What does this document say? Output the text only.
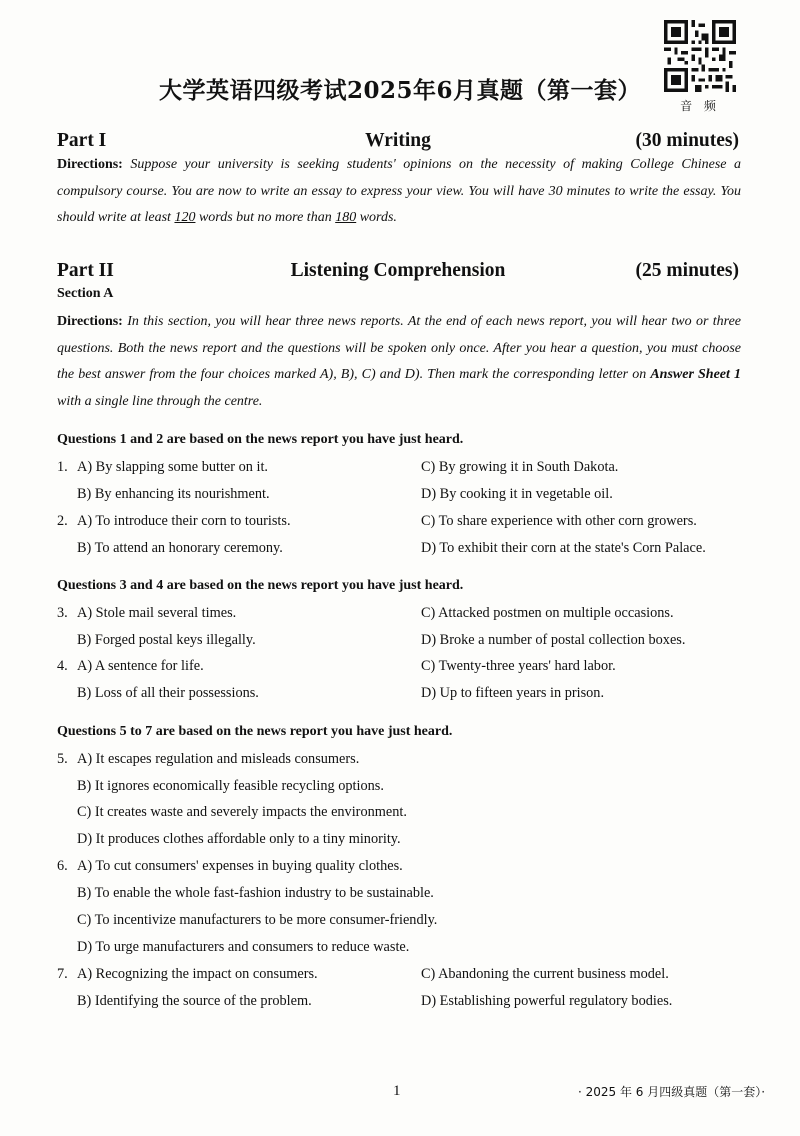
大学英语四级考试2025年6月真题（第一套）
音 频
Part I	Writing	(30 minutes)
Directions: Suppose your university is seeking students' opinions on the necessity of making College Chinese a compulsory course. You are now to write an essay to express your view. You will have 30 minutes to write the essay. You should write at least 120 words but no more than 180 words.
Part II	Listening Comprehension	(25 minutes)
Section A
Directions: In this section, you will hear three news reports. At the end of each news report, you will hear two or three questions. Both the news report and the questions will be spoken only once. After you hear a question, you must choose the best answer from the four choices marked A), B), C) and D). Then mark the corresponding letter on Answer Sheet 1 with a single line through the centre.
Questions 1 and 2 are based on the news report you have just heard.
1. A) By slapping some butter on it.	C) By growing it in South Dakota.
B) By enhancing its nourishment.	D) By cooking it in vegetable oil.
2. A) To introduce their corn to tourists.	C) To share experience with other corn growers.
B) To attend an honorary ceremony.	D) To exhibit their corn at the state's Corn Palace.
Questions 3 and 4 are based on the news report you have just heard.
3. A) Stole mail several times.	C) Attacked postmen on multiple occasions.
B) Forged postal keys illegally.	D) Broke a number of postal collection boxes.
4. A) A sentence for life.	C) Twenty-three years' hard labor.
B) Loss of all their possessions.	D) Up to fifteen years in prison.
Questions 5 to 7 are based on the news report you have just heard.
5. A) It escapes regulation and misleads consumers.
B) It ignores economically feasible recycling options.
C) It creates waste and severely impacts the environment.
D) It produces clothes affordable only to a tiny minority.
6. A) To cut consumers' expenses in buying quality clothes.
B) To enable the whole fast-fashion industry to be sustainable.
C) To incentivize manufacturers to be more consumer-friendly.
D) To urge manufacturers and consumers to reduce waste.
7. A) Recognizing the impact on consumers.	C) Abandoning the current business model.
B) Identifying the source of the problem.	D) Establishing powerful regulatory bodies.
1	· 2025 年 6 月四级真题（第一套）·
